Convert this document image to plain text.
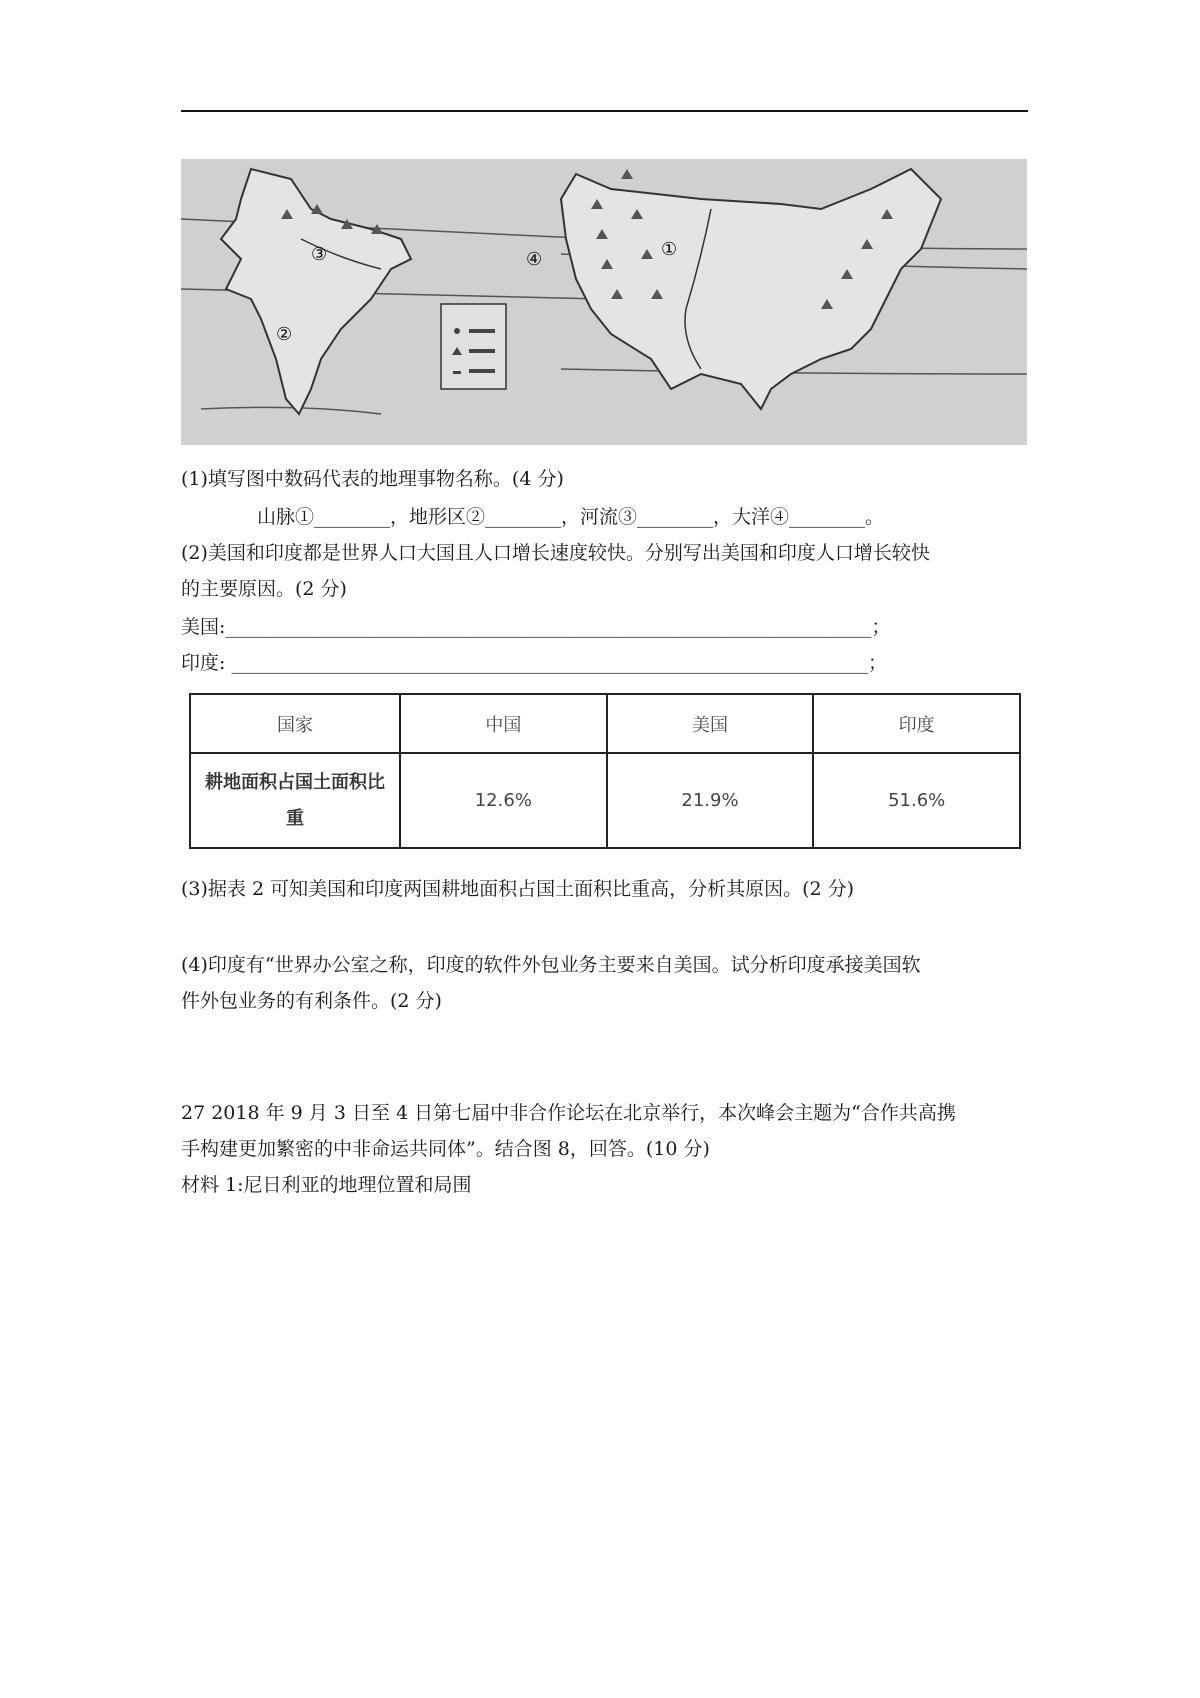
③
②
④	①
(1)填写图中数码代表的地理事物名称。(4 分)
山脉①________，地形区②________，河流③________，大洋④________。
(2)美国和印度都是世界人口大国且人口增长速度较快。分别写出美国和印度人口增长较快
的主要原因。(2 分)
美国:____________________________________________________________________；
印度: ___________________________________________________________________；
国家	中国	美国	印度
耕地面积占国土面积比重	12.6%	21.9%	51.6%
(3)据表 2 可知美国和印度两国耕地面积占国土面积比重高，分析其原因。(2 分)
(4)印度有“世界办公室之称，印度的软件外包业务主要来自美国。试分析印度承接美国软
件外包业务的有利条件。(2 分)
27 2018 年 9 月 3 日至 4 日第七届中非合作论坛在北京举行，本次峰会主题为“合作共高携
手构建更加繁密的中非命运共同体”。结合图 8，回答。(10 分)
材料 1:尼日利亚的地理位置和局围
